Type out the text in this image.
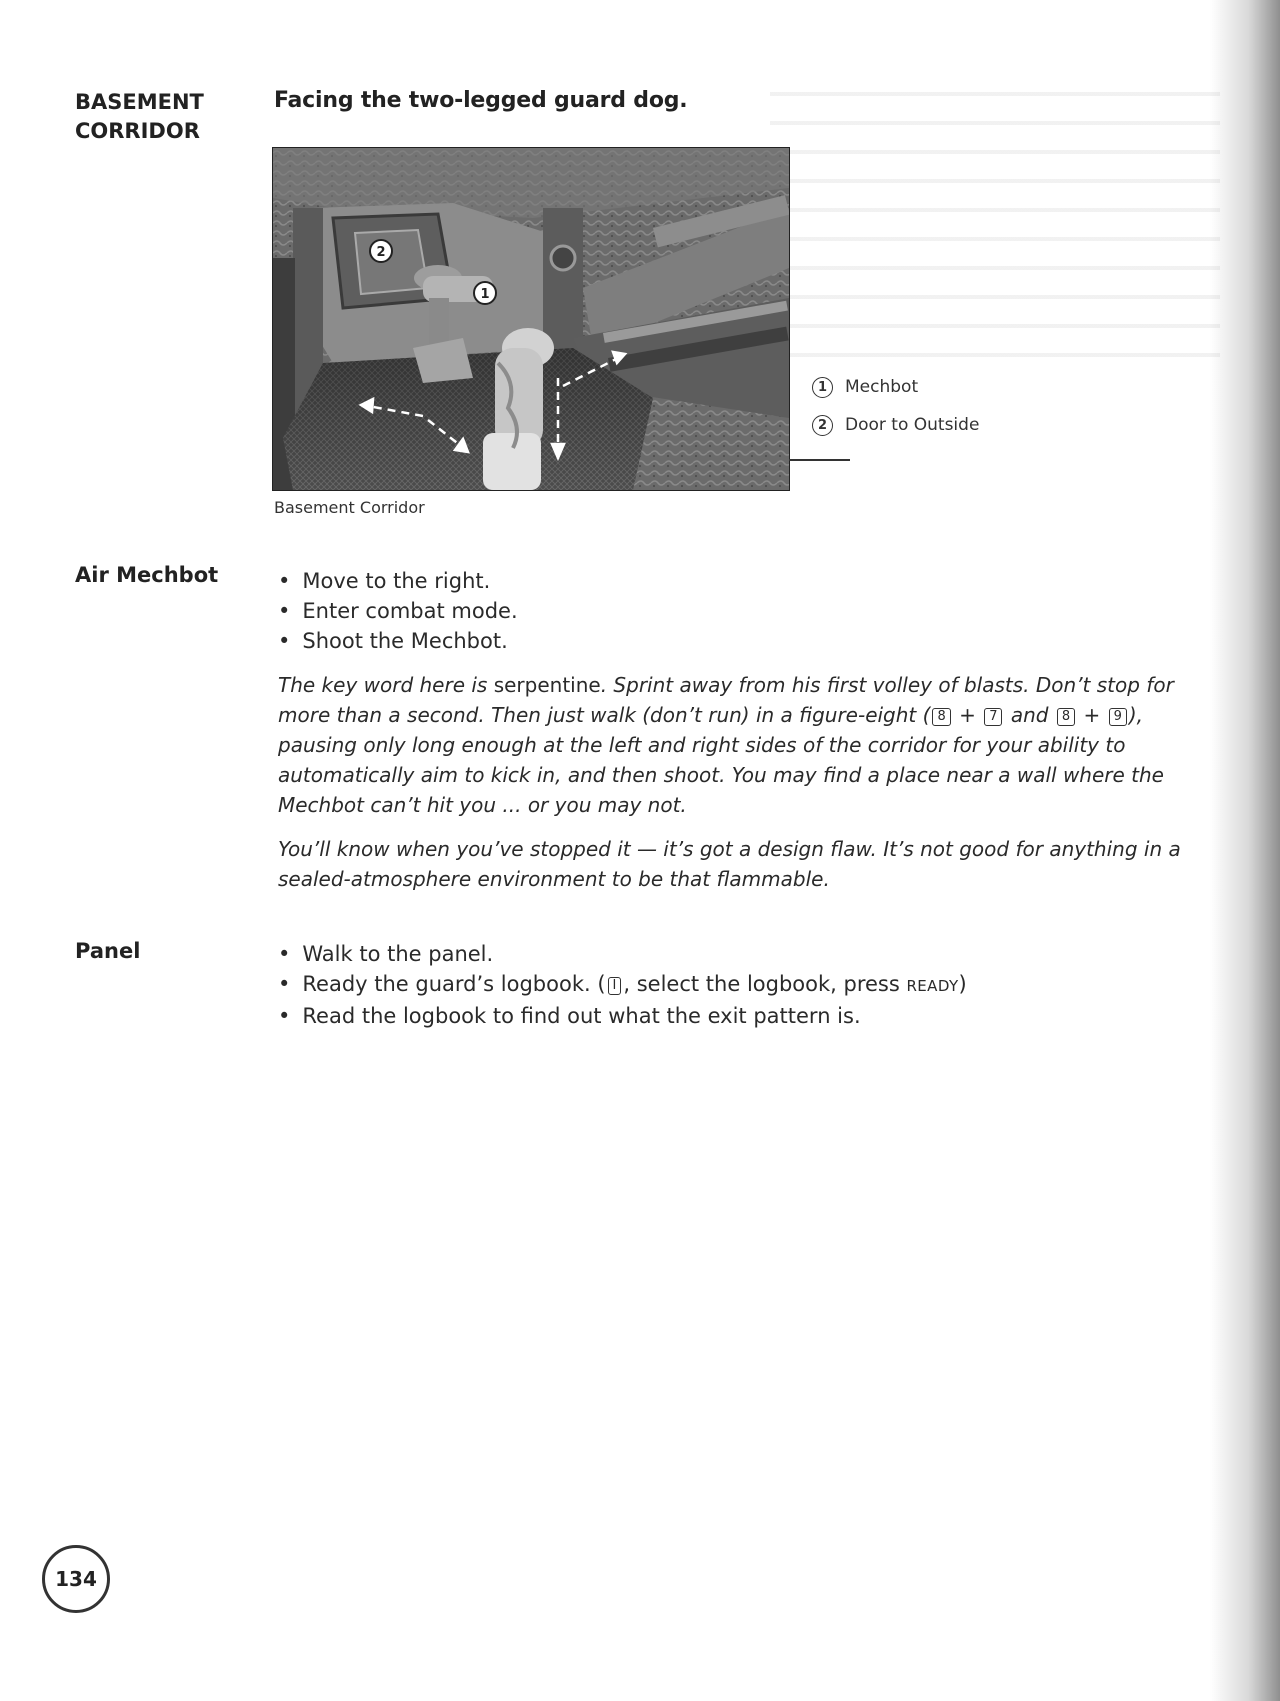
BASEMENT
CORRIDOR
Facing the two-legged guard dog.
2
1
1	Mechbot
2	Door to Outside
Basement Corridor
Air Mechbot	• Move to the right.
• Enter combat mode.
• Shoot the Mechbot.

The key word here is serpentine. Sprint away from his first volley of blasts. Don’t stop for more than a second. Then just walk (don’t run) in a figure-eight ( 8 + 7 and 8 + 9 ), pausing only long enough at the left and right sides of the corridor for your ability to automatically aim to kick in, and then shoot. You may find a place near a wall where the Mechbot can’t hit you ... or you may not.

You’ll know when you’ve stopped it — it’s got a design flaw. It’s not good for anything in a sealed-atmosphere environment to be that flammable.

Panel	• Walk to the panel.
• Ready the guard’s logbook. ( I , select the logbook, press READY)
• Read the logbook to find out what the exit pattern is.
134
